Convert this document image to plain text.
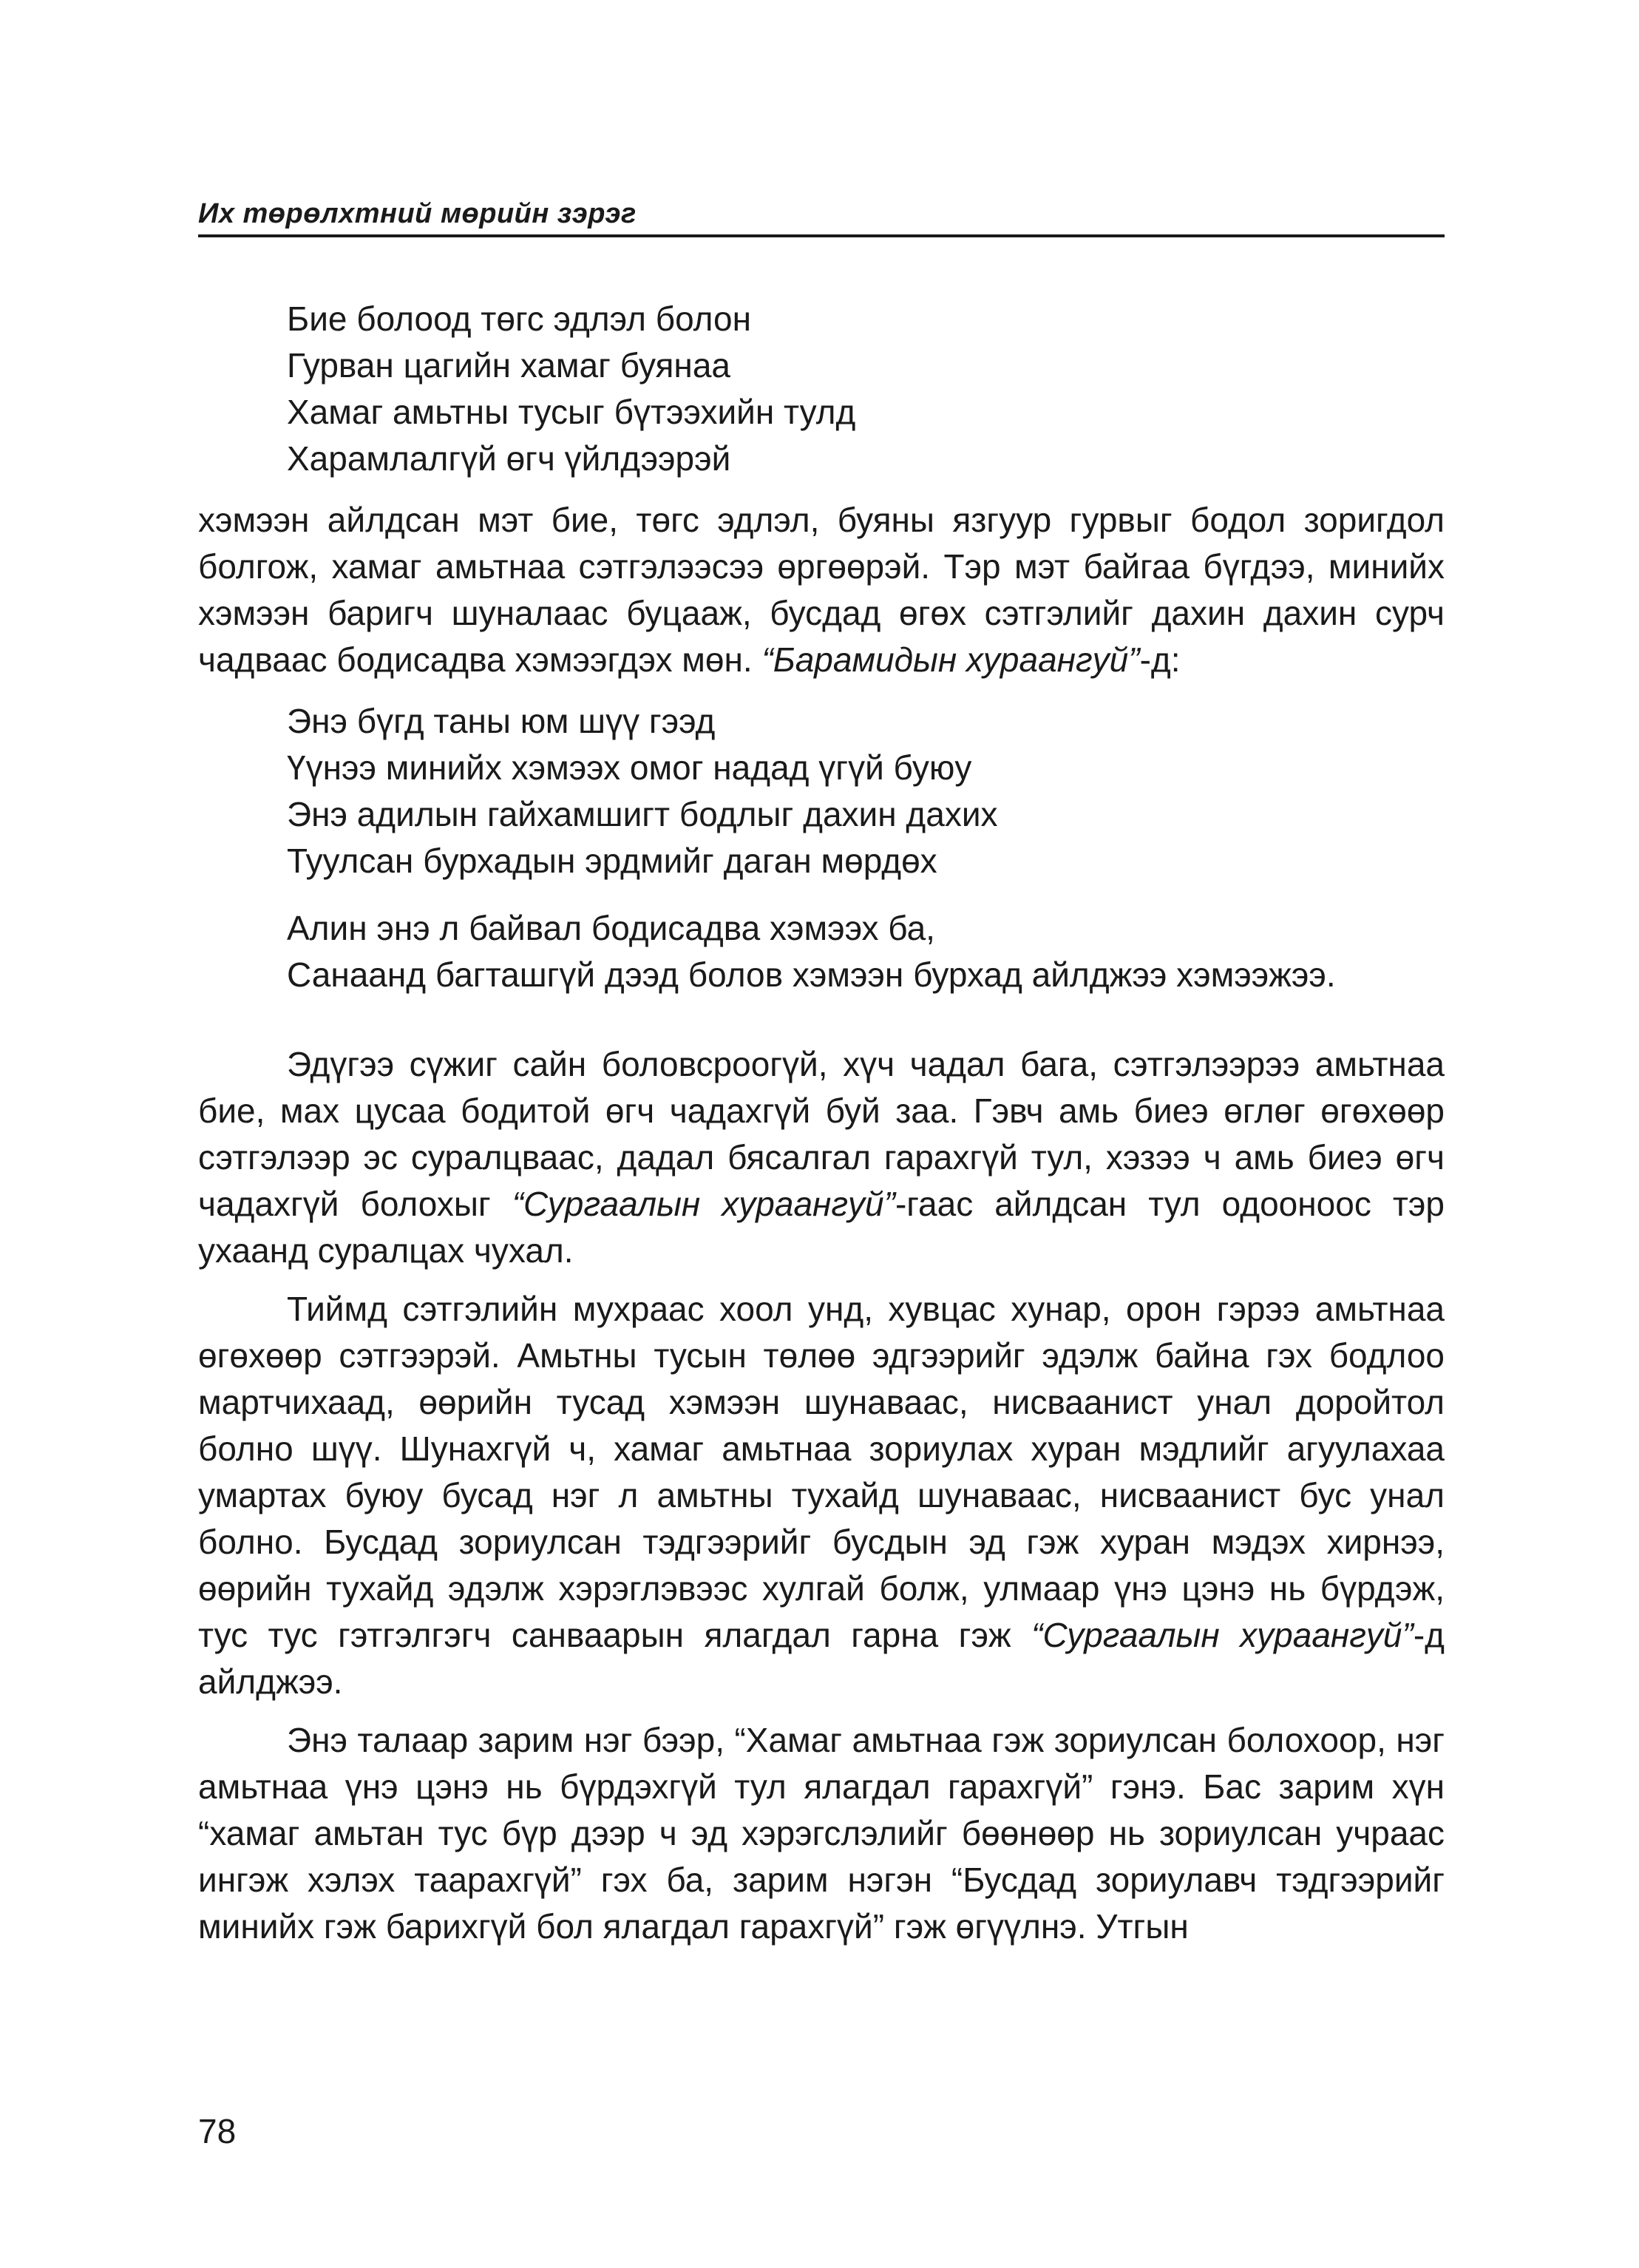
Их төрөлхтний мөрийн зэрэг
Бие болоод төгс эдлэл болон
Гурван цагийн хамаг буянаа
Хамаг амьтны тусыг бүтээхийн тулд
Харамлалгүй өгч үйлдээрэй

хэмээн айлдсан мэт бие, төгс эдлэл, буяны язгуур гурвыг бодол зоригдол болгож, хамаг амьтнаа сэтгэлээсээ өргөөрэй. Тэр мэт байгаа бүгдээ, минийх хэмээн баригч шуналаас буцааж, бусдад өгөх сэтгэлийг дахин дахин сурч чадваас бодисадва хэмээгдэх мөн. “Барамидын хураангуй”-д:

Энэ бүгд таны юм шүү гээд
Үүнээ минийх хэмээх омог надад үгүй буюу
Энэ адилын гайхамшигт бодлыг дахин дахих
Туулсан бурхадын эрдмийг даган мөрдөх
Алин энэ л байвал бодисадва хэмээх ба,
Санаанд багташгүй дээд болов хэмээн бурхад айлджээ хэмээжээ.

Эдүгээ сүжиг сайн боловсроогүй, хүч чадал бага, сэтгэлээрээ амьтнаа бие, мах цусаа бодитой өгч чадахгүй буй заа. Гэвч амь биеэ өглөг өгөхөөр сэтгэлээр эс суралцваас, дадал бясалгал гарахгүй тул, хэзээ ч амь биеэ өгч чадахгүй болохыг “Сургаалын хураангуй”-гаас айлдсан тул одооноос тэр ухаанд суралцах чухал.

Тиймд сэтгэлийн мухраас хоол унд, хувцас хунар, орон гэрээ амьтнаа өгөхөөр сэтгээрэй. Амьтны тусын төлөө эдгээрийг эдэлж байна гэх бодлоо мартчихаад, өөрийн тусад хэмээн шунаваас, нисваанист унал доройтол болно шүү. Шунахгүй ч, хамаг амьтнаа зориулах хуран мэдлийг агуулахаа умартах буюу бусад нэг л амьтны тухайд шунаваас, нисваанист бус унал болно. Бусдад зориулсан тэдгээрийг бусдын эд гэж хуран мэдэх хирнээ, өөрийн тухайд эдэлж хэрэглэвээс хулгай болж, улмаар үнэ цэнэ нь бүрдэж, тус тус гэтгэлгэгч санваарын ялагдал гарна гэж “Сургаалын хураангуй”-д айлджээ.

Энэ талаар зарим нэг бээр, “Хамаг амьтнаа гэж зориулсан болохоор, нэг амьтнаа үнэ цэнэ нь бүрдэхгүй тул ялагдал гарахгүй” гэнэ. Бас зарим хүн “хамаг амьтан тус бүр дээр ч эд хэрэгслэлийг бөөнөөр нь зориулсан учраас ингэж хэлэх таарахгүй” гэх ба, зарим нэгэн “Бусдад зориулавч тэдгээрийг минийх гэж барихгүй бол ялагдал гарахгүй” гэж өгүүлнэ. Утгын

78
